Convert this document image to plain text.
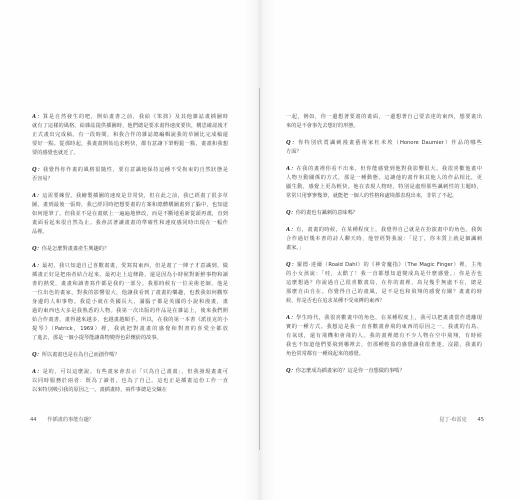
A：算是自然發生的吧，開始畫書之前，我給《笨拙》及其他雜誌畫插圖時
就有了這樣的風格。給雜誌提供插圖時，他們總是要求畫得速度要快，構思確認後才
正式畫出完成稿。有一段時間，和我合作的雜誌總編輯說我的草圖比完成稿還
要好一點。從那時起，我畫畫開始追求輕快，都有意讓下筆輕鬆一點，畫畫和我想
要的感覺也就近了。
Q：我覺得你作畫的風格很隨性，要有意識地保持這種不受拘束的自然狀態是
否容易？
A：這需要練習。我繪製插圖的速度是非常快，但在此之前，我已經畫了很多草
圖，畫到最後一張時，我已經同時把想要畫的方案和總體構圖畫到了腦中，也知道
如何運筆了。但我並不是在畫紙上一遍遍地修改，而是不斷地重新從頭再畫，直到
畫面看起來很自然為止。我會試著讓畫畫的準確性和速度感同時出現在一幅作
品裡。
Q：你是怎麼對畫畫產生興趣的？
A：最初，我只知道自己喜歡畫畫，愛寫寫東西，但是畫了一陣子才意識到，做
插畫正好是把兩者結合起來。最初走上這條路，還是因為小時候對新鮮事物和讀
書的熱愛，畫畫和讀書寫作都是我的一部分。我那時候有一位美術老師，他是
一位出色的畫家，對我的影響很大，他讓我看到了畫畫的樂趣，也教我如何觀察
身邊的人和事物。我從小就在英國長大，滿腦子都是英國的小說和漫畫，畫
過的東西也大多是我熟悉的人物。我第一次出版的作品是在雜誌上，後來我們開
始合作畫書，畫得越來越多，也越畫越順手。所以，在我的第一本書《派崔克的小
提琴》（Patrick，1969）裡，我就把對畫畫的感覺和對書的喜愛全都放
了進去，那是一個小提琴能讓萬物變得色彩繽紛的故事。
Q：所以畫畫也是在為自己而創作嗎？
A：是的，可以這麼說。有些畫家會表示「只為自己畫畫」，但我發現畫畫可
以同時服務於兩者：既為了讀者，也為了自己。這也正是插畫這份工作一直
以來特別吸引我的原因之一。畫插畫時，兩件事總是交織在
一起，例如，你一邊想著要畫的畫面，一邊想著自己要表達的東西，想要畫出
來的是不會事先去想好的形態。
Q：你特別欣賞諷刺漫畫藝術家杜米埃（Honore Daumier）作品的哪些
方面？
A：在我的畫裡你看不出來，但你能感覺到他對我影響很大。我很喜歡他畫中
人物互動關係的方式，那是一種動態。這讓他的畫作和其他人的作品相比，更
顯生動，感覺上更為輕快。他在表現人物時，特別是處理那些諷刺性的主題時，
常常只用寥寥幾筆，就能把一個人的性格和處境都表現出來，非常了不起。
Q：你的畫也有諷刺的意味嗎？
A：有，畫畫的時候，在某種程度上，我覺得自己就是在扮演畫中的角色。我與
合作過好幾本書的詩人聊天時，他曾經對我說：「昆丁，你本質上就是個諷刺
畫家。」
Q：羅德·達爾（Roald Dahl）的《神奇魔指》（The Magic Finger）裡，主角
的小女孩說：「哇，太酷了！我一直都想知道變成鳥是什麼感覺。」你是否也
這麼想過？你說過自己很喜歡畫鳥，在你的畫裡，鳥兒幾乎無處不在，總是
那麼自由自在。你覺得自己的畫風，是不是也和飛翔的感覺有關？畫畫的時
候，你是否也在追求某種不受束縛的東西？
A：學生時代，我很喜歡畫中的角色，在某種程度上，我可以把畫畫當作逃離現
實的一種方式。我想這是我一直喜歡畫會飛的東西的原因之一，我畫的有鳥、
有氣球，還有飛機和會飛的人。我的畫裡總有不少人物在空中飛翔，有時候
我也不知道他們要飛到哪裡去，但那種輕盈的感覺讓我很著迷。沒錯，我畫的
角色常常都有一種飛起來的感覺。
Q：你怎麼成為插畫家的？這是你一直想做的事嗎？
44 作插畫的事能有趣？	昆丁·布雷克 45
